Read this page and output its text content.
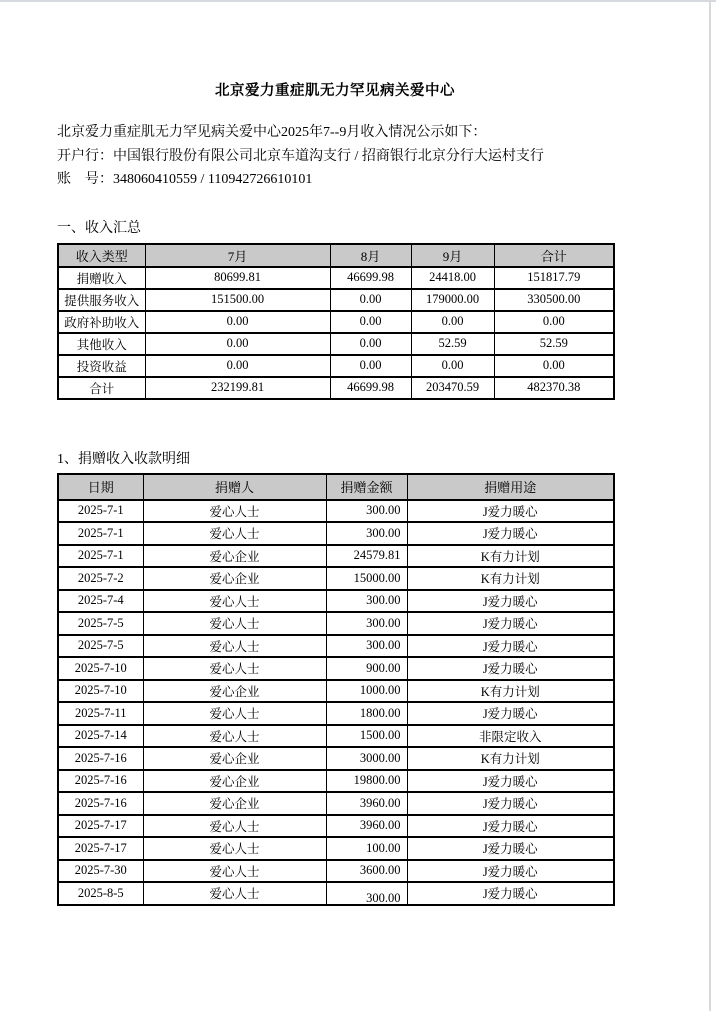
北京爱力重症肌无力罕见病关爱中心
北京爱力重症肌无力罕见病关爱中心2025年7--9月收入情况公示如下：
开户行：中国银行股份有限公司北京车道沟支行 / 招商银行北京分行大运村支行
账　号：348060410559 / 110942726610101
一、收入汇总
收入类型	7月	8月	9月	合计
捐赠收入	80699.81	46699.98	24418.00	151817.79
提供服务收入	151500.00	0.00	179000.00	330500.00
政府补助收入	0.00	0.00	0.00	0.00
其他收入	0.00	0.00	52.59	52.59
投资收益	0.00	0.00	0.00	0.00
合计	232199.81	46699.98	203470.59	482370.38
1、捐赠收入收款明细
日期	捐赠人	捐赠金额	捐赠用途
2025-7-1	爱心人士	300.00	J爱力暖心
2025-7-1	爱心人士	300.00	J爱力暖心
2025-7-1	爱心企业	24579.81	K有力计划
2025-7-2	爱心企业	15000.00	K有力计划
2025-7-4	爱心人士	300.00	J爱力暖心
2025-7-5	爱心人士	300.00	J爱力暖心
2025-7-5	爱心人士	300.00	J爱力暖心
2025-7-10	爱心人士	900.00	J爱力暖心
2025-7-10	爱心企业	1000.00	K有力计划
2025-7-11	爱心人士	1800.00	J爱力暖心
2025-7-14	爱心人士	1500.00	非限定收入
2025-7-16	爱心企业	3000.00	K有力计划
2025-7-16	爱心企业	19800.00	J爱力暖心
2025-7-16	爱心企业	3960.00	J爱力暖心
2025-7-17	爱心人士	3960.00	J爱力暖心
2025-7-17	爱心人士	100.00	J爱力暖心
2025-7-30	爱心人士	3600.00	J爱力暖心
2025-8-5	爱心人士	300.00	J爱力暖心
